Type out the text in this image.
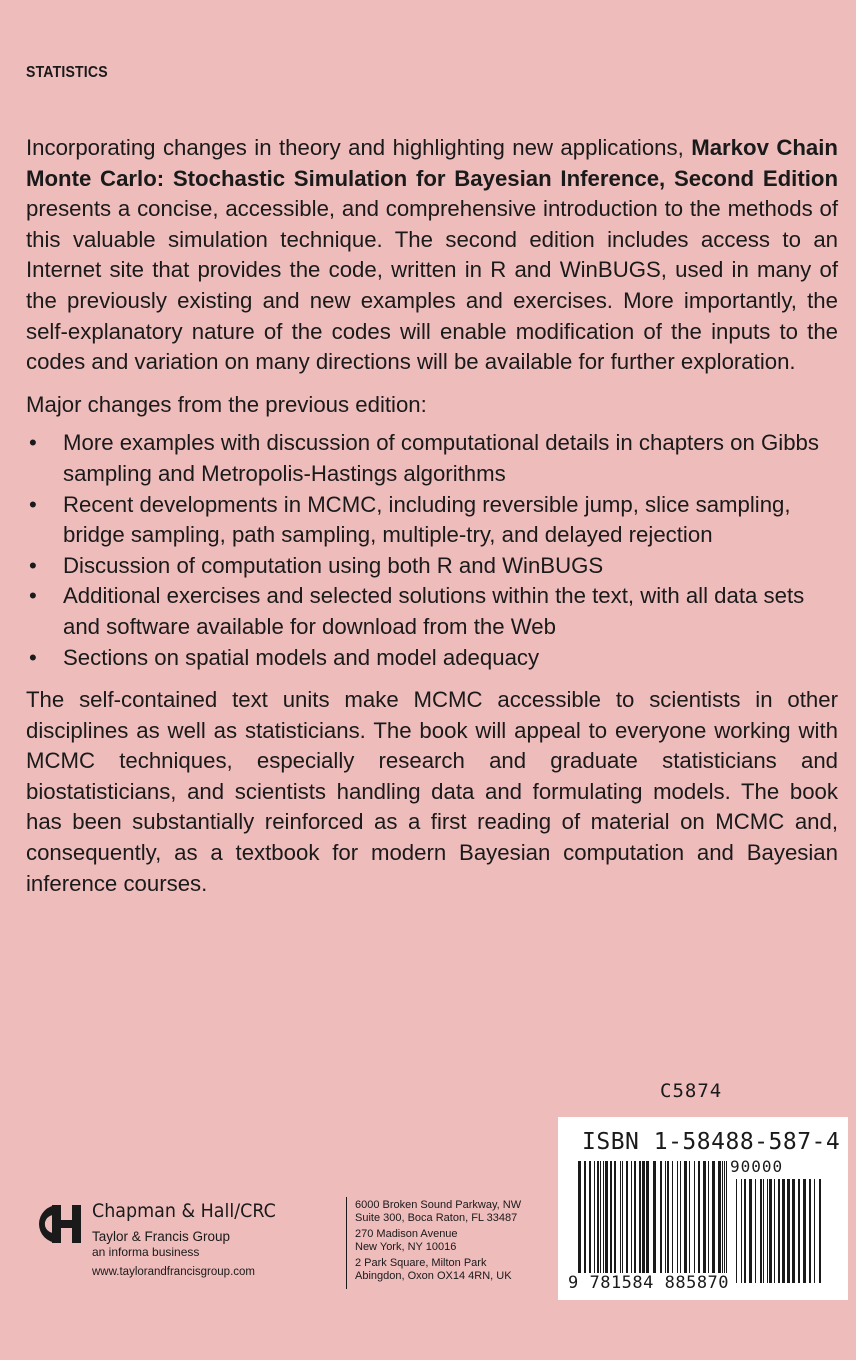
STATISTICS

Incorporating changes in theory and highlighting new applications, Markov Chain Monte Carlo: Stochastic Simulation for Bayesian Inference, Second Edition presents a concise, accessible, and comprehensive introduction to the methods of this valuable simulation technique. The second edition includes access to an Internet site that provides the code, written in R and WinBUGS, used in many of the previously existing and new examples and exercises. More importantly, the self-explanatory nature of the codes will enable modification of the inputs to the codes and variation on many directions will be available for further exploration.

Major changes from the previous edition:

• More examples with discussion of computational details in chapters on Gibbs sampling and Metropolis-Hastings algorithms
• Recent developments in MCMC, including reversible jump, slice sampling, bridge sampling, path sampling, multiple-try, and delayed rejection
• Discussion of computation using both R and WinBUGS
• Additional exercises and selected solutions within the text, with all data sets and software available for download from the Web
• Sections on spatial models and model adequacy

The self-contained text units make MCMC accessible to scientists in other disciplines as well as statisticians. The book will appeal to everyone working with MCMC techniques, especially research and graduate statisticians and biostatisticians, and scientists handling data and formulating models. The book has been substantially reinforced as a first reading of material on MCMC and, consequently, as a textbook for modern Bayesian computation and Bayesian inference courses.

C5874
ISBN 1-58488-587-4
90000
9 781584 885870
Chapman & Hall/CRC
Taylor & Francis Group
an informa business
www.taylorandfrancisgroup.com
6000 Broken Sound Parkway, NW
Suite 300, Boca Raton, FL 33487
270 Madison Avenue
New York, NY 10016
2 Park Square, Milton Park
Abingdon, Oxon OX14 4RN, UK
